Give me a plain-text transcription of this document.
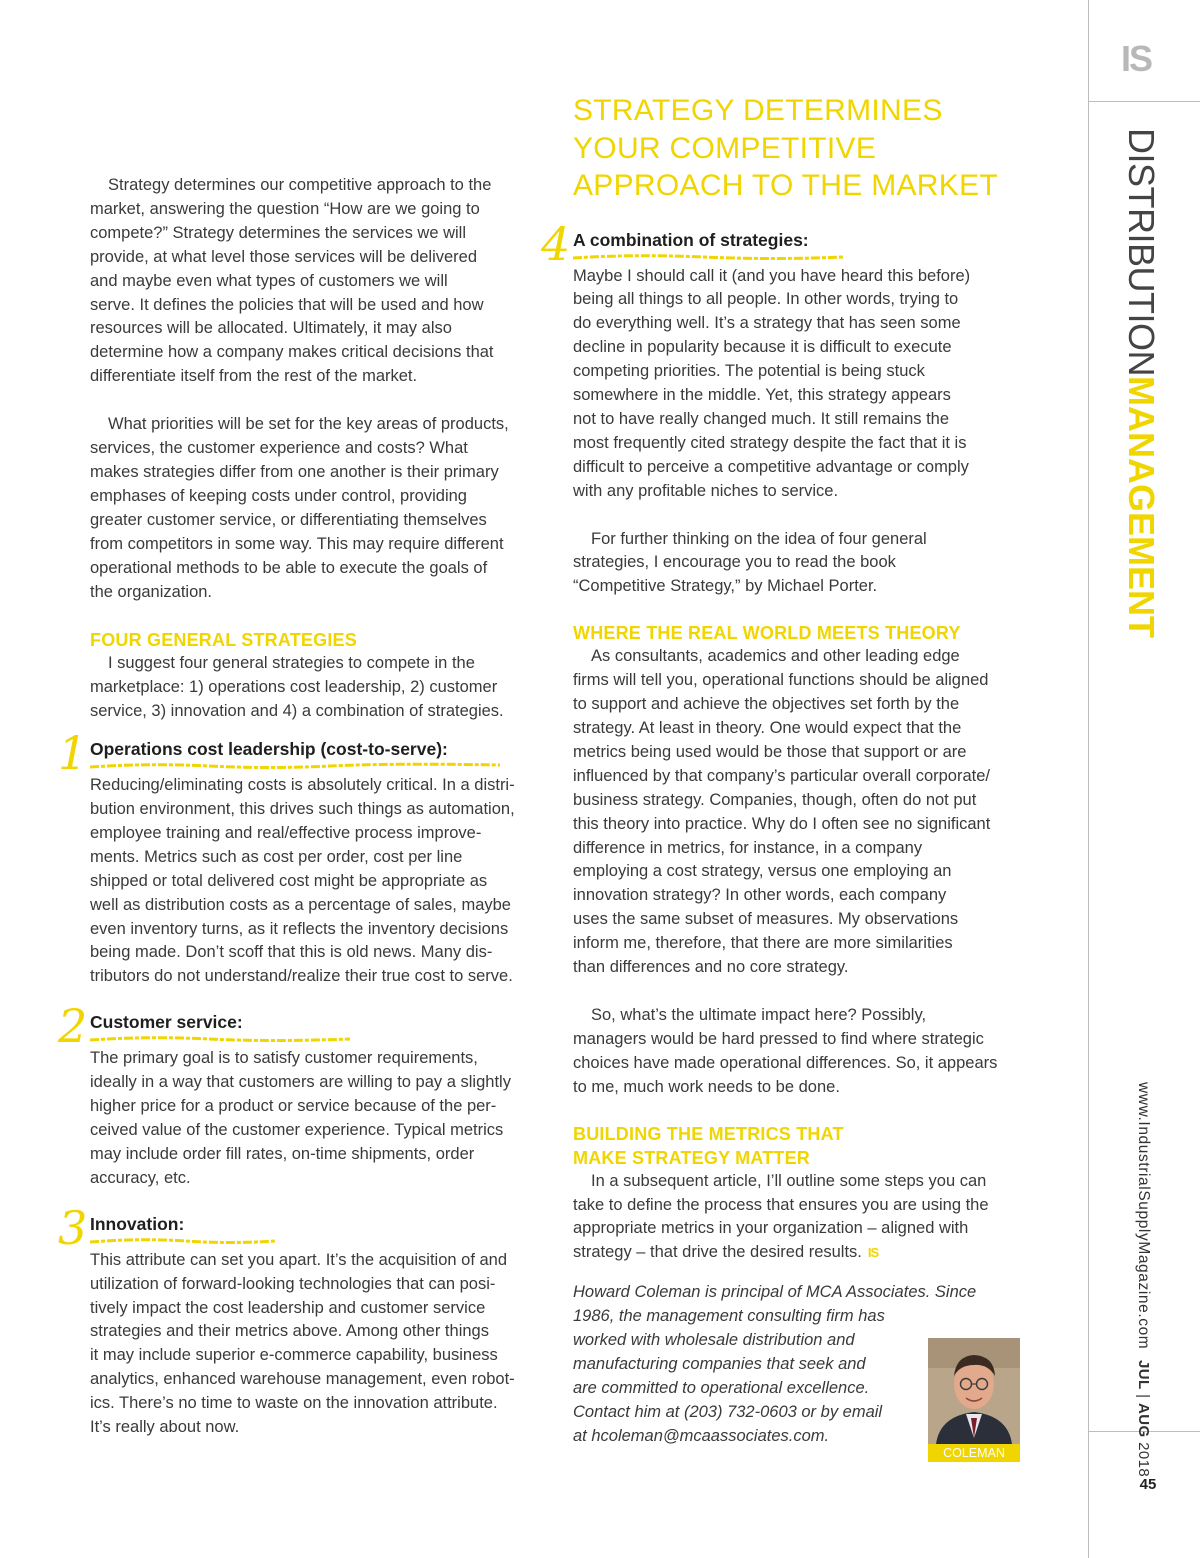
Strategy determines our competitive approach to the
market, answering the question “How are we going to
compete?” Strategy determines the services we will
provide, at what level those services will be delivered
and maybe even what types of customers we will
serve. It defines the policies that will be used and how
resources will be allocated. Ultimately, it may also
determine how a company makes critical decisions that
differentiate itself from the rest of the market.
What priorities will be set for the key areas of products,
services, the customer experience and costs? What
makes strategies differ from one another is their primary
emphases of keeping costs under control, providing
greater customer service, or differentiating themselves
from competitors in some way. This may require different
operational methods to be able to execute the goals of
the organization.
FOUR GENERAL STRATEGIES
I suggest four general strategies to compete in the
marketplace: 1) operations cost leadership, 2) customer
service, 3) innovation and 4) a combination of strategies.
1 Operations cost leadership (cost-to-serve):
Reducing/eliminating costs is absolutely critical. In a distri-
bution environment, this drives such things as automation,
employee training and real/effective process improve-
ments. Metrics such as cost per order, cost per line
shipped or total delivered cost might be appropriate as
well as distribution costs as a percentage of sales, maybe
even inventory turns, as it reflects the inventory decisions
being made. Don’t scoff that this is old news. Many dis-
tributors do not understand/realize their true cost to serve.
2 Customer service:
The primary goal is to satisfy customer requirements,
ideally in a way that customers are willing to pay a slightly
higher price for a product or service because of the per-
ceived value of the customer experience. Typical metrics
may include order fill rates, on-time shipments, order
accuracy, etc.
3 Innovation:
This attribute can set you apart. It’s the acquisition of and
utilization of forward-looking technologies that can posi-
tively impact the cost leadership and customer service
strategies and their metrics above. Among other things
it may include superior e-commerce capability, business
analytics, enhanced warehouse management, even robot-
ics. There’s no time to waste on the innovation attribute.
It’s really about now.
STRATEGY DETERMINES
YOUR COMPETITIVE
APPROACH TO THE MARKET
4 A combination of strategies:
Maybe I should call it (and you have heard this before)
being all things to all people. In other words, trying to
do everything well. It’s a strategy that has seen some
decline in popularity because it is difficult to execute
competing priorities. The potential is being stuck
somewhere in the middle. Yet, this strategy appears
not to have really changed much. It still remains the
most frequently cited strategy despite the fact that it is
difficult to perceive a competitive advantage or comply
with any profitable niches to service.
For further thinking on the idea of four general
strategies, I encourage you to read the book
“Competitive Strategy,” by Michael Porter.
WHERE THE REAL WORLD MEETS THEORY
As consultants, academics and other leading edge
firms will tell you, operational functions should be aligned
to support and achieve the objectives set forth by the
strategy. At least in theory. One would expect that the
metrics being used would be those that support or are
influenced by that company’s particular overall corporate/
business strategy. Companies, though, often do not put
this theory into practice. Why do I often see no significant
difference in metrics, for instance, in a company
employing a cost strategy, versus one employing an
innovation strategy? In other words, each company
uses the same subset of measures. My observations
inform me, therefore, that there are more similarities
than differences and no core strategy.
So, what’s the ultimate impact here? Possibly,
managers would be hard pressed to find where strategic
choices have made operational differences. So, it appears
to me, much work needs to be done.
BUILDING THE METRICS THAT
MAKE STRATEGY MATTER
In a subsequent article, I’ll outline some steps you can
take to define the process that ensures you are using the
appropriate metrics in your organization – aligned with
strategy – that drive the desired results. IS
Howard Coleman is principal of MCA Associates. Since
1986, the management consulting firm has
worked with wholesale distribution and
manufacturing companies that seek and
are committed to operational excellence.
Contact him at (203) 732-0603 or by email
at hcoleman@mcaassociates.com.
COLEMAN
IS
DISTRIBUTIONMANAGEMENT
www.IndustrialSupplyMagazine.com
JUL | AUG 2018
45
